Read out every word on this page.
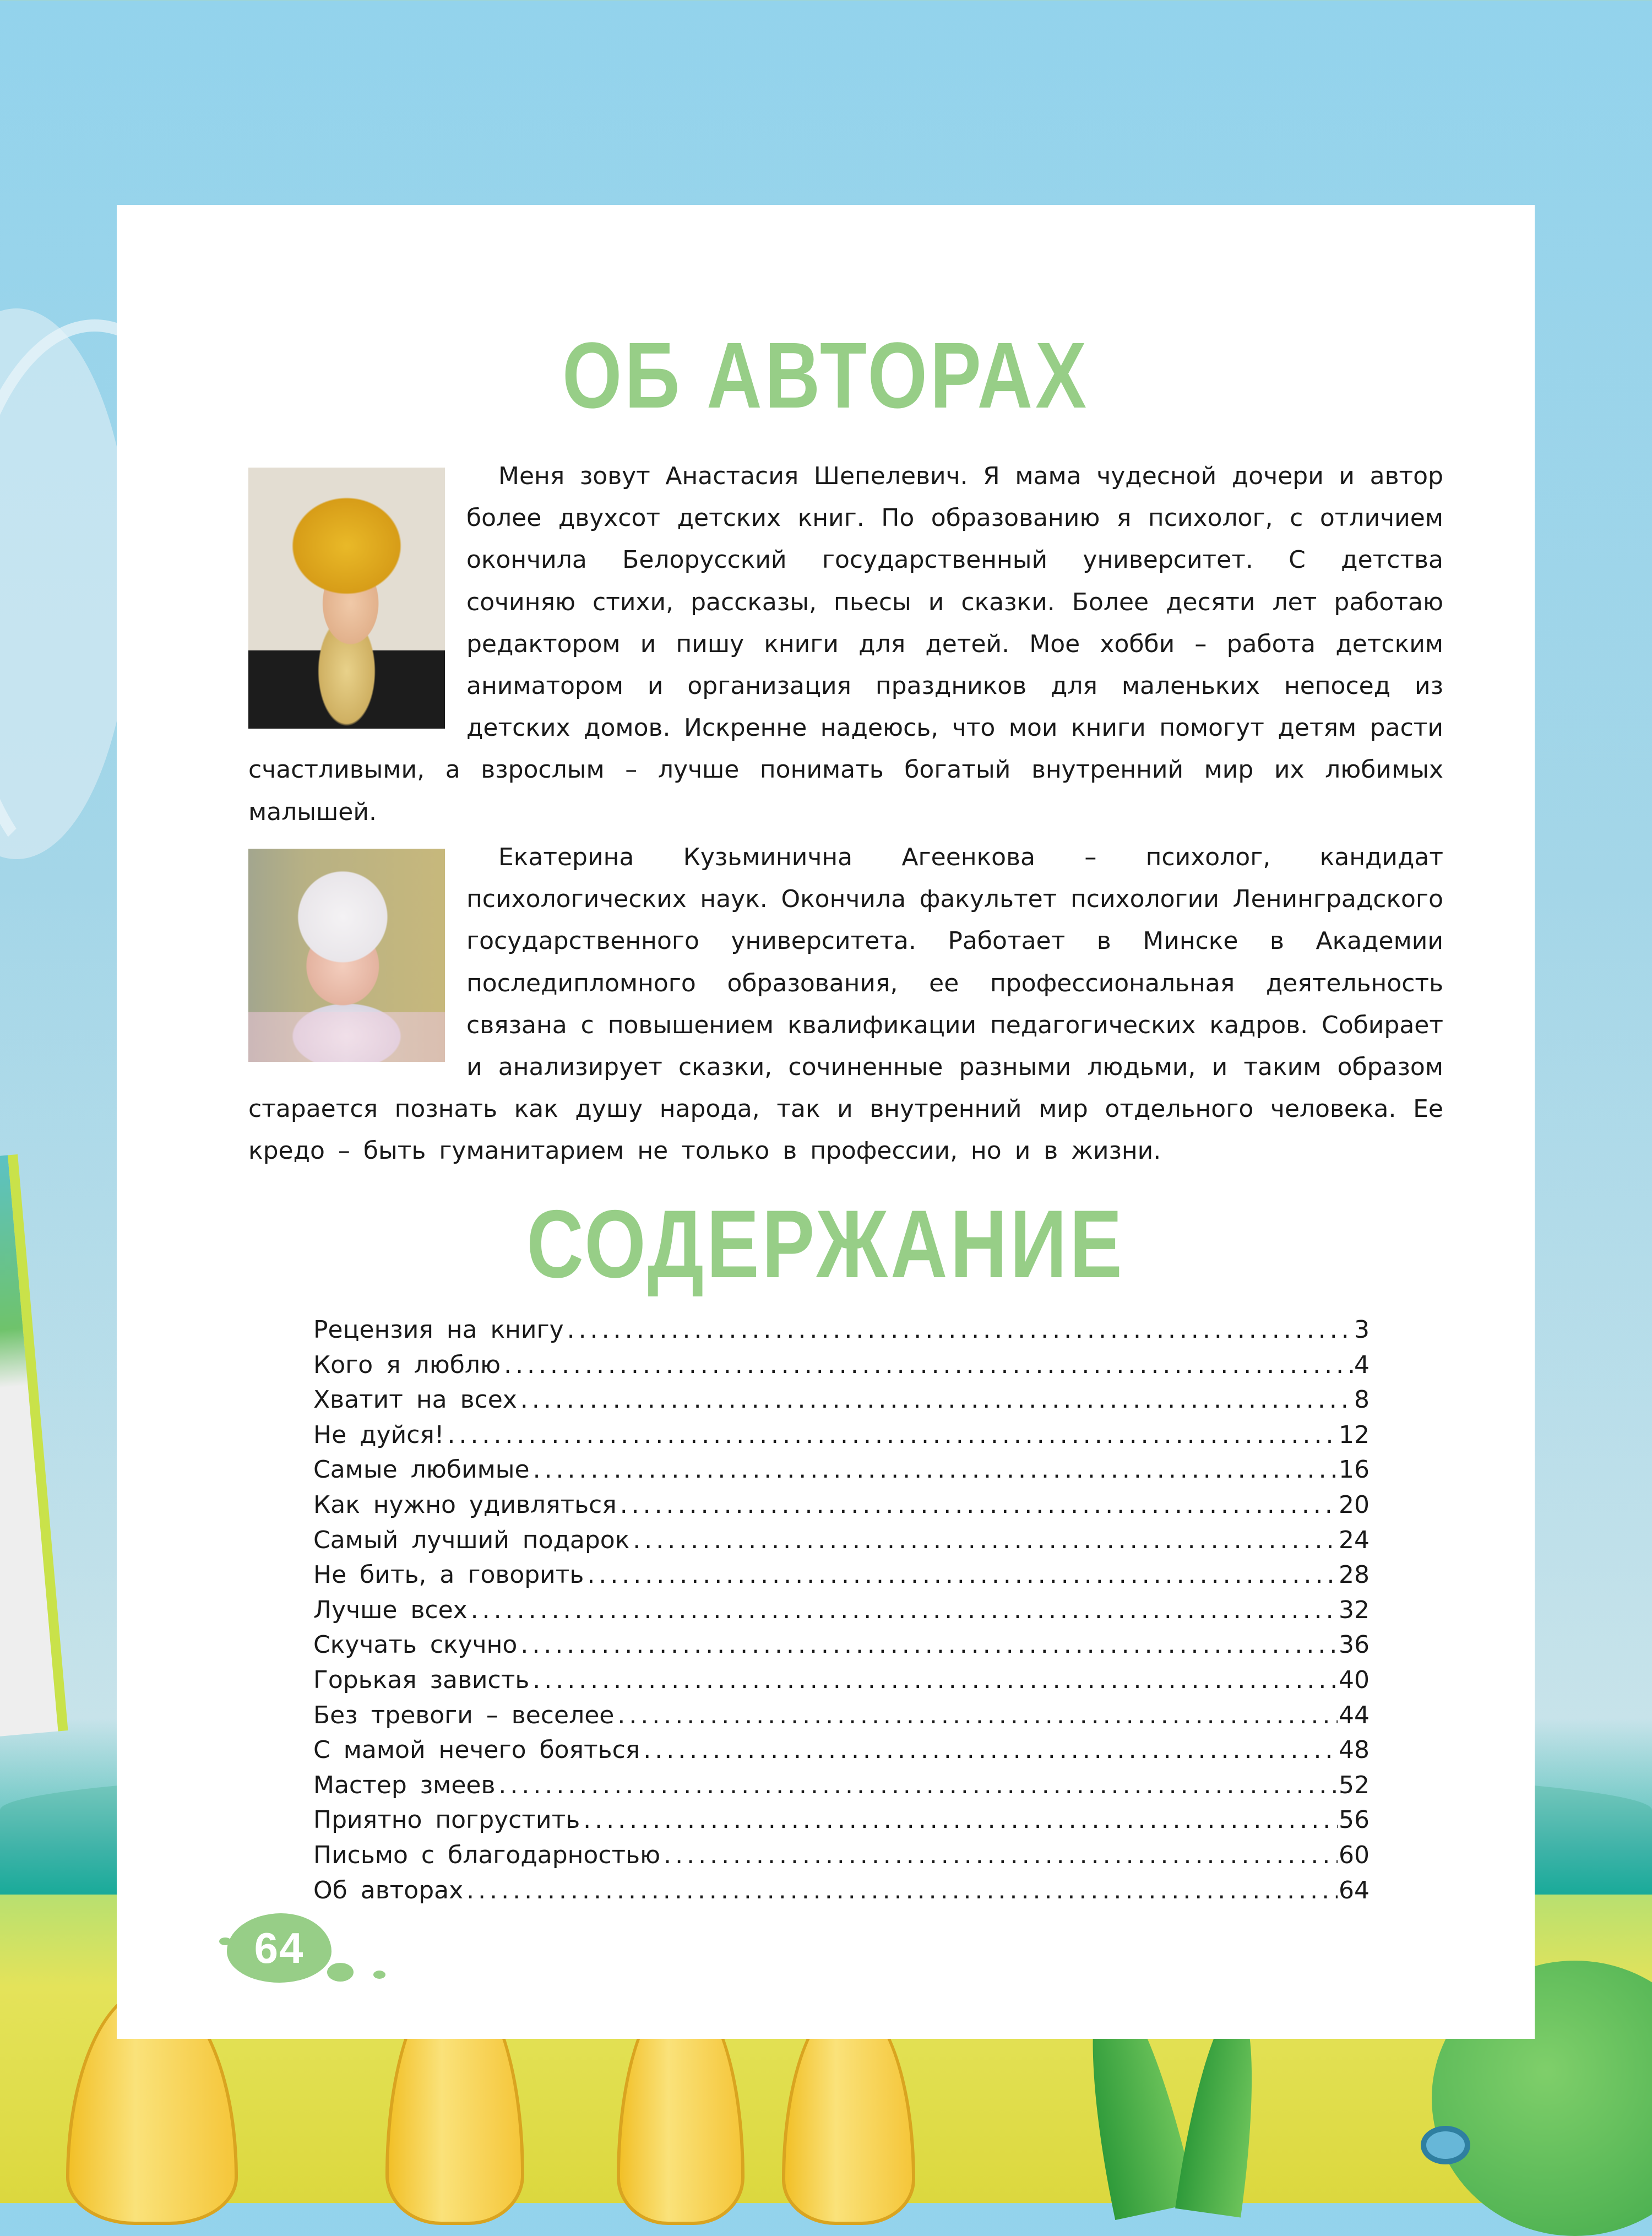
ОБ АВТОРАХ

Меня зовут Анастасия Шепелевич. Я мама чудесной дочери и автор более двухсот детских книг. По образованию я психолог, с отличием окончила Белорусский государственный университет. С детства сочиняю стихи, рассказы, пьесы и сказки. Более десяти лет работаю редактором и пишу книги для детей. Мое хобби – работа детским аниматором и организация праздников для маленьких непосед из детских домов. Искренне надеюсь, что мои книги помогут детям расти счастливыми, а взрослым – лучше понимать богатый внутренний мир их любимых малышей.

Екатерина Кузьминична Агеенкова – психолог, кандидат психологических наук. Окончила факультет психологии Ленинградского государственного университета. Работает в Минске в Академии последипломного образования, ее профессиональная деятельность связана с повышением квалификации педагогических кадров. Собирает и анализирует сказки, сочиненные разными людьми, и таким образом старается познать как душу народа, так и внутренний мир отдельного человека. Ее кредо – быть гуманитарием не только в профессии, но и в жизни.

СОДЕРЖАНИЕ
Рецензия на книгу .....	3
Кого я люблю .....	4
Хватит на всех .....	8
Не дуйся! .....	12
Самые любимые .....	16
Как нужно удивляться .....	20
Самый лучший подарок .....	24
Не бить, а говорить .....	28
Лучше всех .....	32
Скучать скучно .....	36
Горькая зависть .....	40
Без тревоги – веселее .....	44
С мамой нечего бояться .....	48
Мастер змеев .....	52
Приятно погрустить .....	56
Письмо с благодарностью .....	60
Об авторах .....	64
64
